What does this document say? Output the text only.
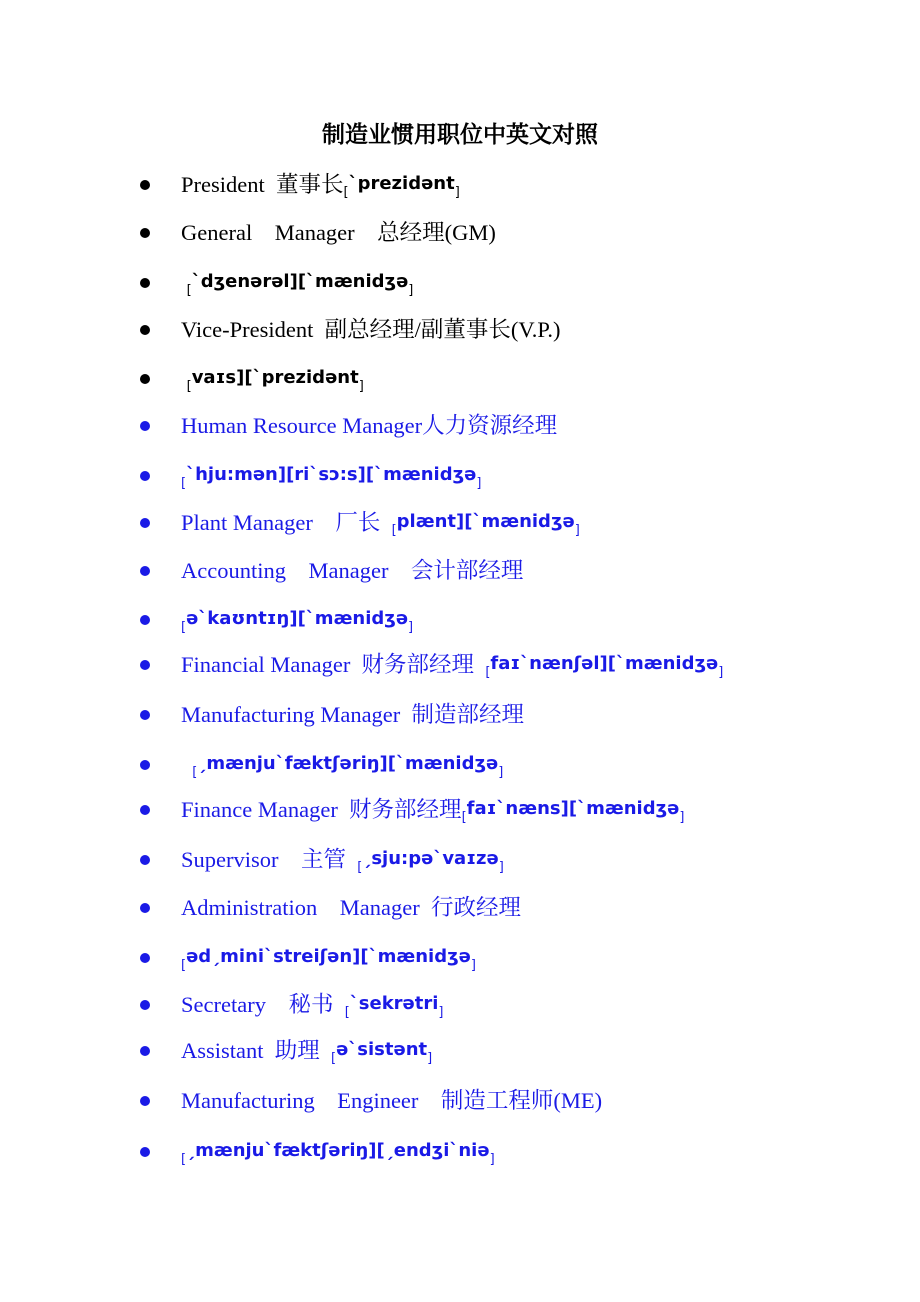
制造业惯用职位中英文对照
President  董事长[`prezidənt]
General    Manager    总经理(GM)
[`dʒenərəl][`mænidʒə]
Vice-President  副总经理/副董事长(V.P.)
[vaɪs][`prezidənt]
Human Resource Manager人力资源经理
[`hju:mən][ri`sɔ:s][`mænidʒə]
Plant Manager    厂长  [plænt][`mænidʒə]
Accounting    Manager    会计部经理
[ə`kaʊntɪŋ][`mænidʒə]
Financial Manager  财务部经理  [faɪ`nænʃəl][`mænidʒə]
Manufacturing Manager  制造部经理
[ˏmænju`fæktʃəriŋ][`mænidʒə]
Finance Manager  财务部经理[faɪ`næns][`mænidʒə]
Supervisor    主管  [ˏsju:pə`vaɪzə]
Administration    Manager  行政经理
[ədˏmini`streiʃən][`mænidʒə]
Secretary    秘书  [`sekrətri]
Assistant  助理  [ə`sistənt]
Manufacturing    Engineer    制造工程师(ME)
[ˏmænju`fæktʃəriŋ][ˏendʒi`niə]
